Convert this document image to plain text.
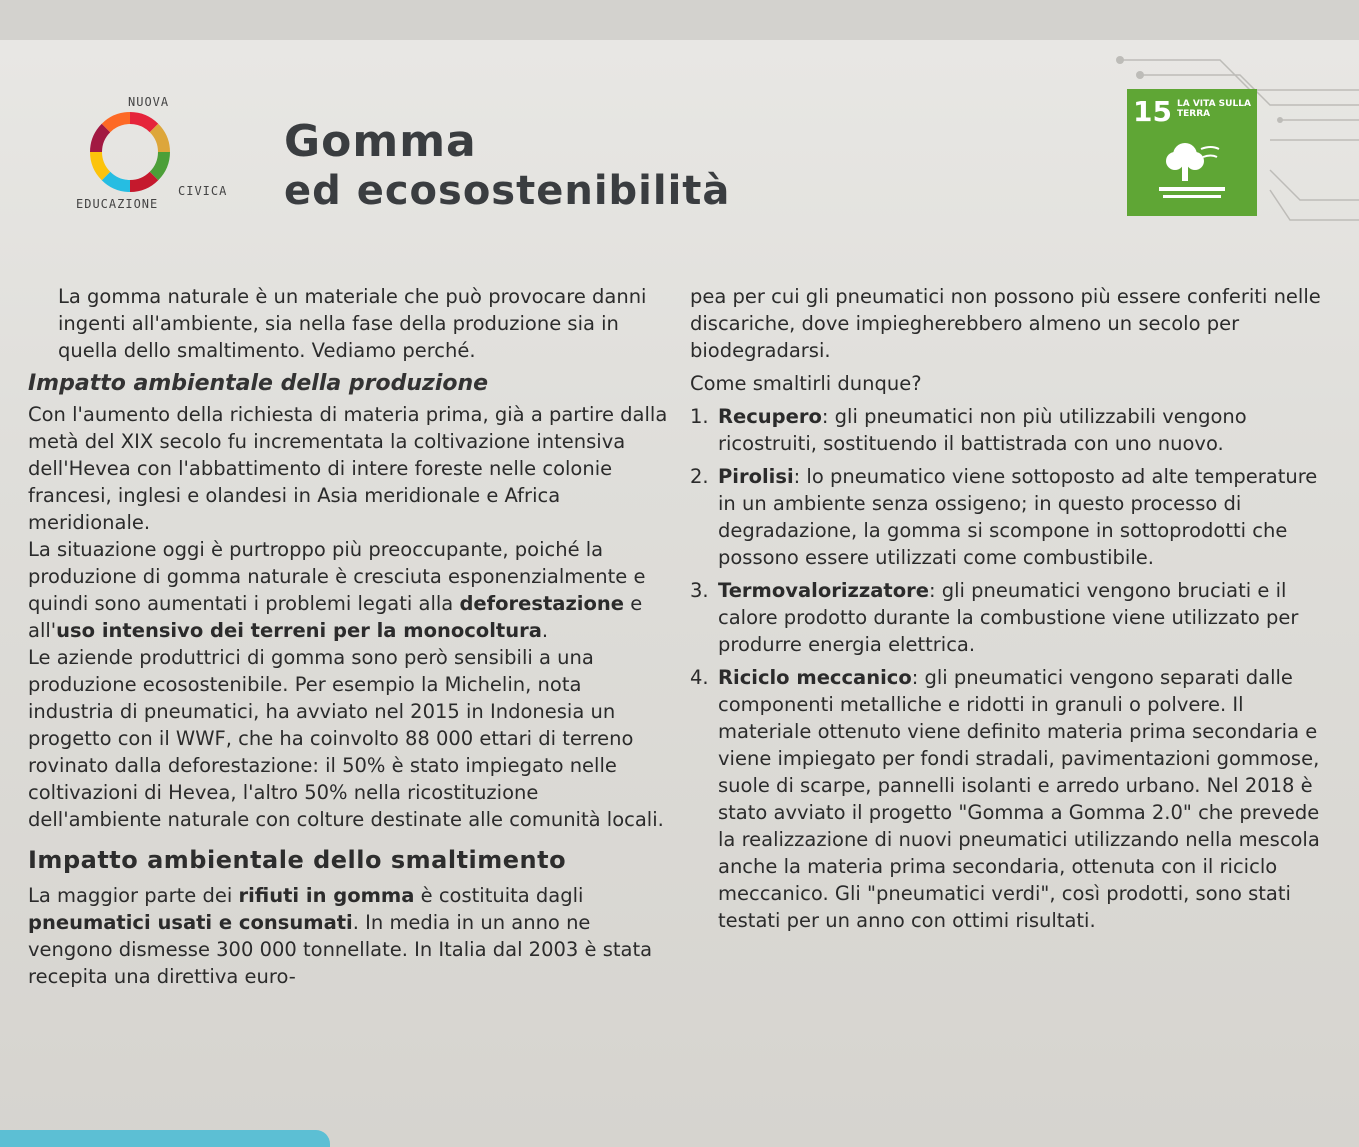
NUOVA
EDUCAZIONE
CIVICA
Gomma
ed ecosostenibilità
15 LA VITA SULLA TERRA

La gomma naturale è un materiale che può provocare danni ingenti all'ambiente, sia nella fase della produzione sia in quella dello smaltimento. Vediamo perché.

Impatto ambientale della produzione

Con l'aumento della richiesta di materia prima, già a partire dalla metà del XIX secolo fu incrementata la coltivazione intensiva dell'Hevea con l'abbattimento di intere foreste nelle colonie francesi, inglesi e olandesi in Asia meridionale e Africa meridionale.

La situazione oggi è purtroppo più preoccupante, poiché la produzione di gomma naturale è cresciuta esponenzialmente e quindi sono aumentati i problemi legati alla deforestazione e all'uso intensivo dei terreni per la monocoltura.

Le aziende produttrici di gomma sono però sensibili a una produzione ecosostenibile. Per esempio la Michelin, nota industria di pneumatici, ha avviato nel 2015 in Indonesia un progetto con il WWF, che ha coinvolto 88 000 ettari di terreno rovinato dalla deforestazione: il 50% è stato impiegato nelle coltivazioni di Hevea, l'altro 50% nella ricostituzione dell'ambiente naturale con colture destinate alle comunità locali.

Impatto ambientale dello smaltimento

La maggior parte dei rifiuti in gomma è costituita dagli pneumatici usati e consumati. In media in un anno ne vengono dismesse 300 000 tonnellate. In Italia dal 2003 è stata recepita una direttiva euro-

pea per cui gli pneumatici non possono più essere conferiti nelle discariche, dove impiegherebbero almeno un secolo per biodegradarsi.

Come smaltirli dunque?

1. Recupero: gli pneumatici non più utilizzabili vengono ricostruiti, sostituendo il battistrada con uno nuovo.

2. Pirolisi: lo pneumatico viene sottoposto ad alte temperature in un ambiente senza ossigeno; in questo processo di degradazione, la gomma si scompone in sottoprodotti che possono essere utilizzati come combustibile.

3. Termovalorizzatore: gli pneumatici vengono bruciati e il calore prodotto durante la combustione viene utilizzato per produrre energia elettrica.

4. Riciclo meccanico: gli pneumatici vengono separati dalle componenti metalliche e ridotti in granuli o polvere. Il materiale ottenuto viene definito materia prima secondaria e viene impiegato per fondi stradali, pavimentazioni gommose, suole di scarpe, pannelli isolanti e arredo urbano. Nel 2018 è stato avviato il progetto "Gomma a Gomma 2.0" che prevede la realizzazione di nuovi pneumatici utilizzando nella mescola anche la materia prima secondaria, ottenuta con il riciclo meccanico. Gli "pneumatici verdi", così prodotti, sono stati testati per un anno con ottimi risultati.
